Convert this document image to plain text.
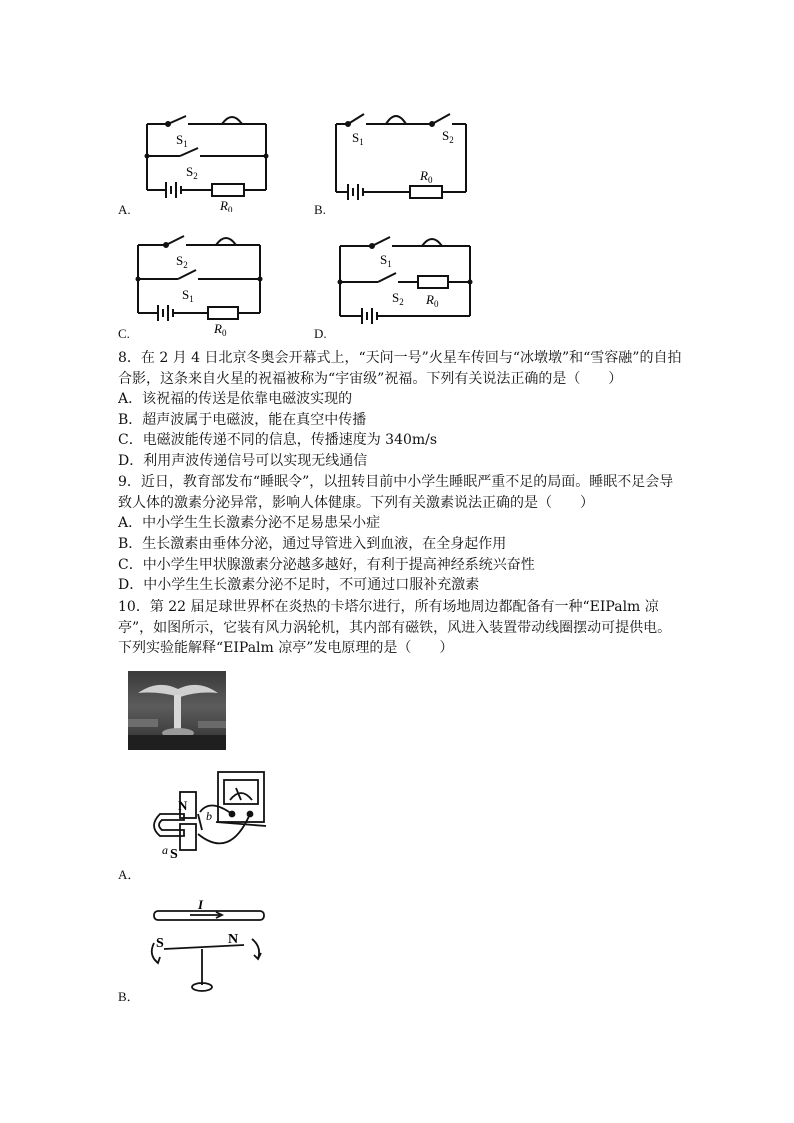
$S_1$
$S_2$
$R_0$
A.
$S_1$	$S_2$
$R_0$
B.
$S_2$
$S_1$
$R_0$
C.
$S_1$
$S_2$ $R_0$
D.
8．在 2 月 4 日北京冬奥会开幕式上，“天问一号”火星车传回与“冰墩墩”和“雪容融”的自拍
合影，这条来自火星的祝福被称为“宇宙级”祝福。下列有关说法正确的是（　　）
A．该祝福的传送是依靠电磁波实现的
B．超声波属于电磁波，能在真空中传播
C．电磁波能传递不同的信息，传播速度为 340m/s
D．利用声波传递信号可以实现无线通信
9．近日，教育部发布“睡眠令”，以扭转目前中小学生睡眠严重不足的局面。睡眠不足会导
致人体的激素分泌异常，影响人体健康。下列有关激素说法正确的是（　　）
A．中小学生生长激素分泌不足易患呆小症
B．生长激素由垂体分泌，通过导管进入到血液，在全身起作用
C．中小学生甲状腺激素分泌越多越好，有利于提高神经系统兴奋性
D．中小学生生长激素分泌不足时，不可通过口服补充激素
10．第 22 届足球世界杯在炎热的卡塔尔进行，所有场地周边都配备有一种“EIPalm 凉
亭”，如图所示，它装有风力涡轮机，其内部有磁铁，风进入装置带动线圈摆动可提供电。
下列实验能解释“EIPalm 凉亭”发电原理的是（　　）
N
S
a
b
A．
I
S	N
B．
